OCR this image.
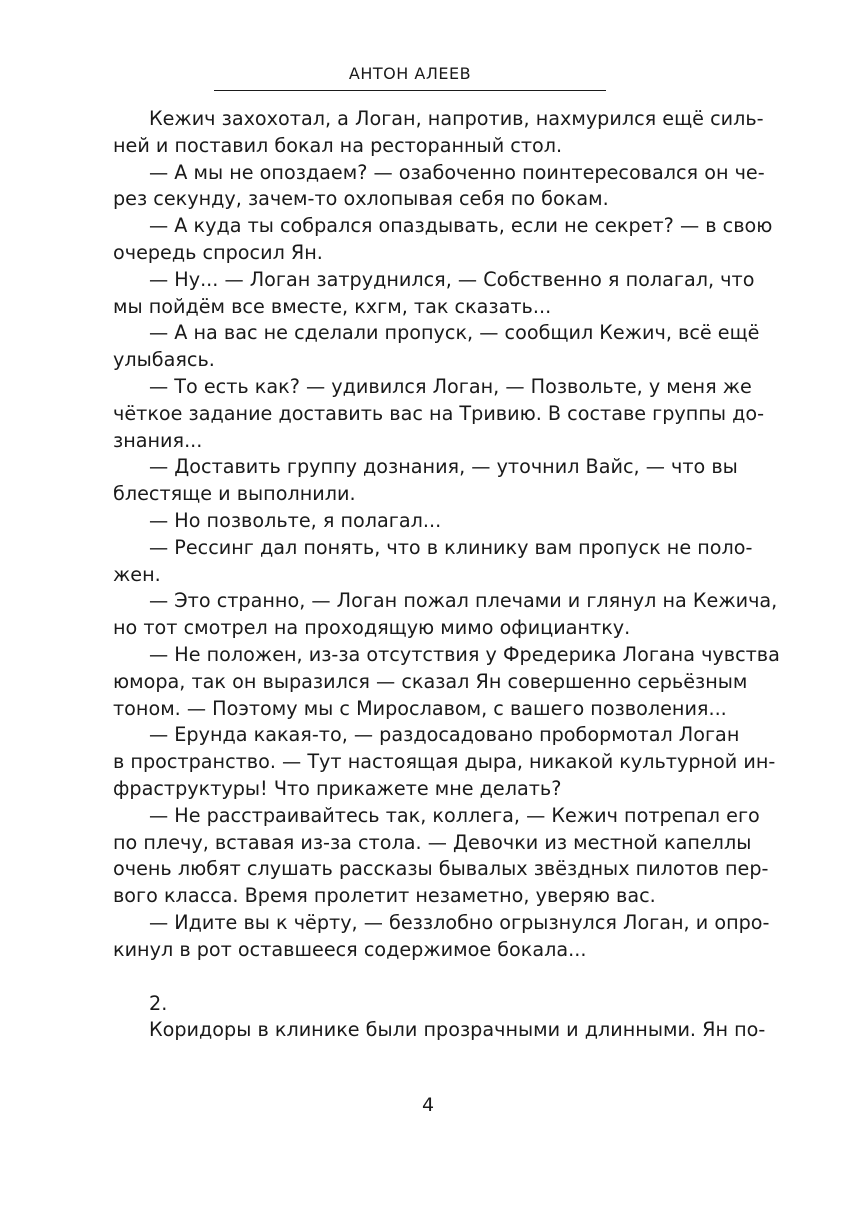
АНТОН АЛЕЕВ
Кежич захохотал, а Логан, напротив, нахмурился ещё силь-
ней и поставил бокал на ресторанный стол.
— А мы не опоздаем? — озабоченно поинтересовался он че-
рез секунду, зачем-то охлопывая себя по бокам.
— А куда ты собрался опаздывать, если не секрет? — в свою
очередь спросил Ян.
— Ну... — Логан затруднился, — Собственно я полагал, что
мы пойдём все вместе, кхгм, так сказать...
— А на вас не сделали пропуск, — сообщил Кежич, всё ещё
улыбаясь.
— То есть как? — удивился Логан, — Позвольте, у меня же
чёткое задание доставить вас на Тривию. В составе группы до-
знания...
— Доставить группу дознания, — уточнил Вайс, — что вы
блестяще и выполнили.
— Но позвольте, я полагал...
— Рессинг дал понять, что в клинику вам пропуск не поло-
жен.
— Это странно, — Логан пожал плечами и глянул на Кежича,
но тот смотрел на проходящую мимо официантку.
— Не положен, из-за отсутствия у Фредерика Логана чувства
юмора, так он выразился — сказал Ян совершенно серьёзным
тоном. — Поэтому мы с Мирославом, с вашего позволения...
— Ерунда какая-то, — раздосадовано пробормотал Логан
в пространство. — Тут настоящая дыра, никакой культурной ин-
фраструктуры! Что прикажете мне делать?
— Не расстраивайтесь так, коллега, — Кежич потрепал его
по плечу, вставая из-за стола. — Девочки из местной капеллы
очень любят слушать рассказы бывалых звёздных пилотов пер-
вого класса. Время пролетит незаметно, уверяю вас.
— Идите вы к чёрту, — беззлобно огрызнулся Логан, и опро-
кинул в рот оставшееся содержимое бокала...
2.
Коридоры в клинике были прозрачными и длинными. Ян по-
4
